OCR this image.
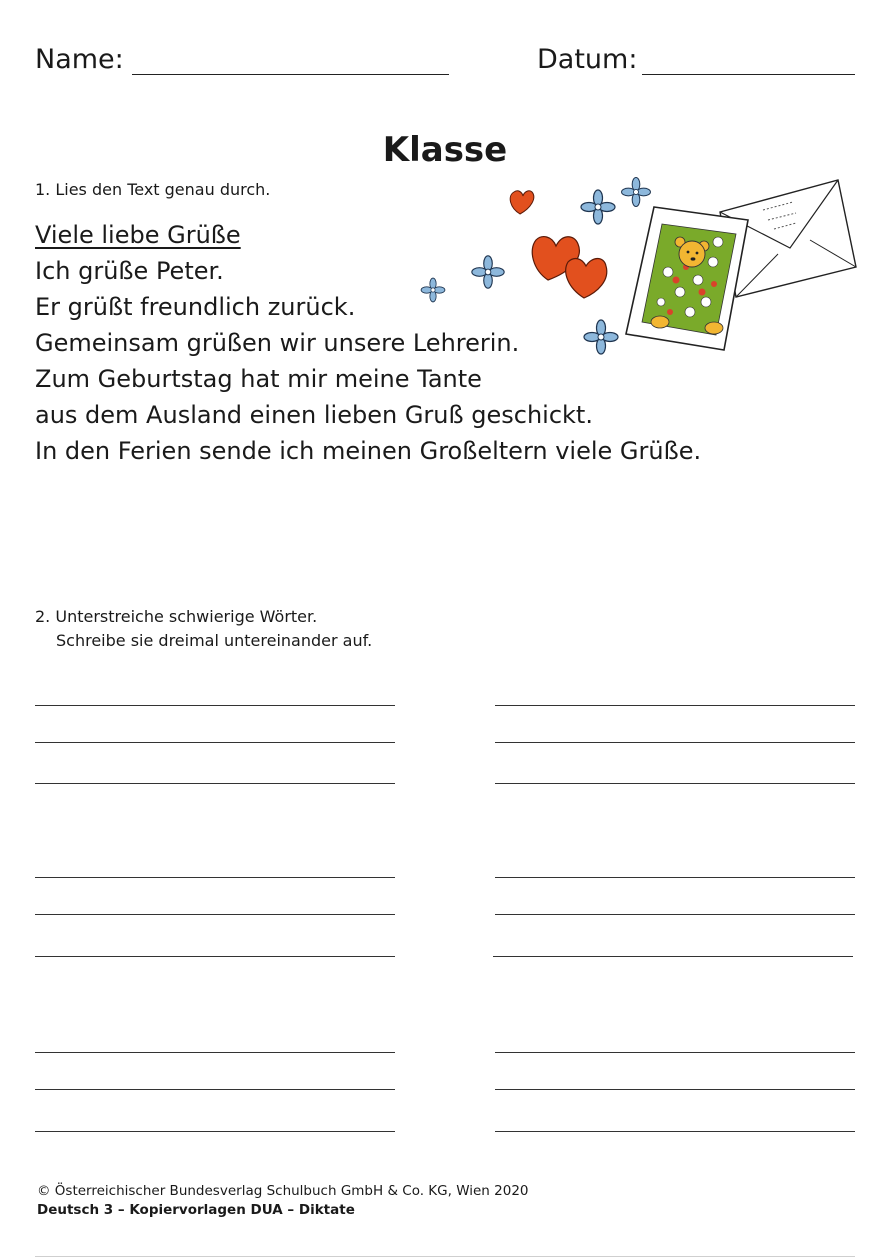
Name:	Datum:
Klasse
1. Lies den Text genau durch.
Viele liebe Grüße
Ich grüße Peter.
Er grüßt freundlich zurück.
Gemeinsam grüßen wir unsere Lehrerin.
Zum Geburtstag hat mir meine Tante
aus dem Ausland einen lieben Gruß geschickt.
In den Ferien sende ich meinen Großeltern viele Grüße.
2. Unterstreiche schwierige Wörter.
Schreibe sie dreimal untereinander auf.
© Österreichischer Bundesverlag Schulbuch GmbH & Co. KG, Wien 2020
Deutsch 3 – Kopiervorlagen DUA – Diktate
